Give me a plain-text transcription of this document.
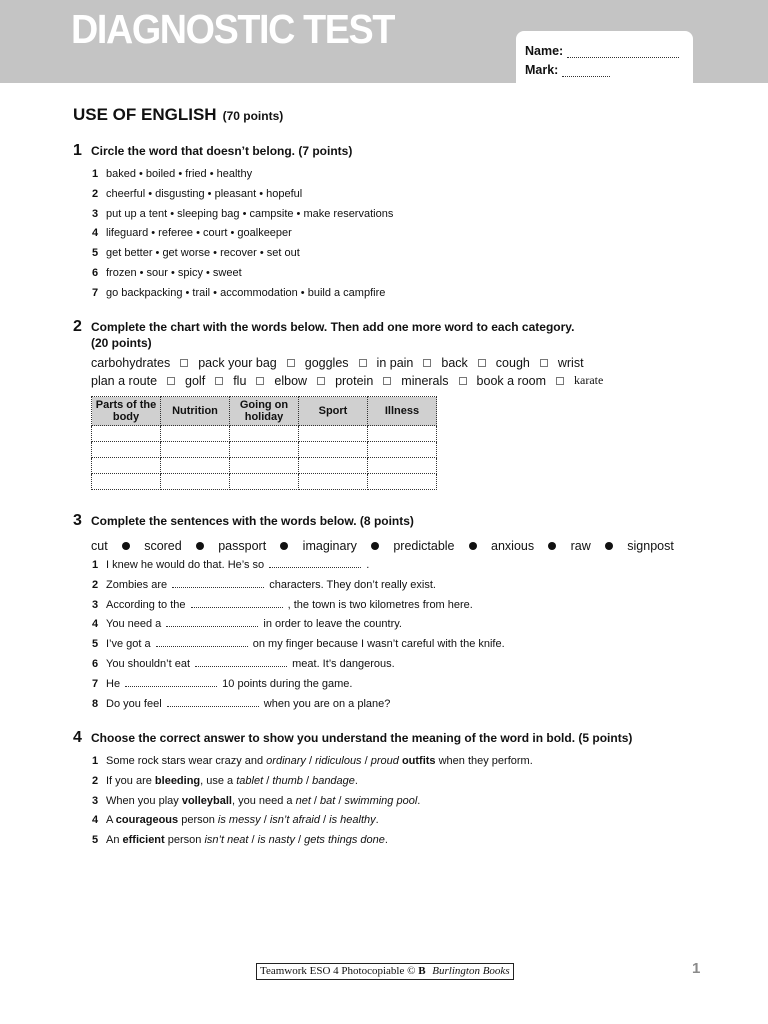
DIAGNOSTIC TEST	Name:
Mark:
USE OF ENGLISH (70 points)
1 Circle the word that doesn’t belong. (7 points)
1 baked • boiled • fried • healthy
2 cheerful • disgusting • pleasant • hopeful
3 put up a tent • sleeping bag • campsite • make reservations
4 lifeguard • referee • court • goalkeeper
5 get better • get worse • recover • set out
6 frozen • sour • spicy • sweet
7 go backpacking • trail • accommodation • build a campfire
2 Complete the chart with the words below. Then add one more word to each category.
(20 points)
carbohydrates pack your bag goggles in pain back cough wrist
plan a route golf flu elbow protein minerals book a room karate
Parts of the body	Nutrition	Going on holiday	Sport	Illness

3 Complete the sentences with the words below. (8 points)
cut	scored	passport	imaginary	predictable	anxious	raw	signpost
1 I knew he would do that. He’s so	.
2 Zombies are	characters. They don’t really exist.
3 According to the	, the town is two kilometres from here.
4 You need a	in order to leave the country.
5 I’ve got a	on my finger because I wasn’t careful with the knife.
6 You shouldn’t eat	meat. It’s dangerous.
7 He	10 points during the game.
8 Do you feel	when you are on a plane?
4 Choose the correct answer to show you understand the meaning of the word in bold. (5 points)
1 Some rock stars wear crazy and ordinary / ridiculous / proud outfits when they perform.
2 If you are bleeding, use a tablet / thumb / bandage.
3 When you play volleyball, you need a net / bat / swimming pool.
4 A courageous person is messy / isn’t afraid / is healthy.
5 An efficient person isn’t neat / is nasty / gets things done.
Teamwork ESO 4 Photocopiable © B Burlington Books	1
